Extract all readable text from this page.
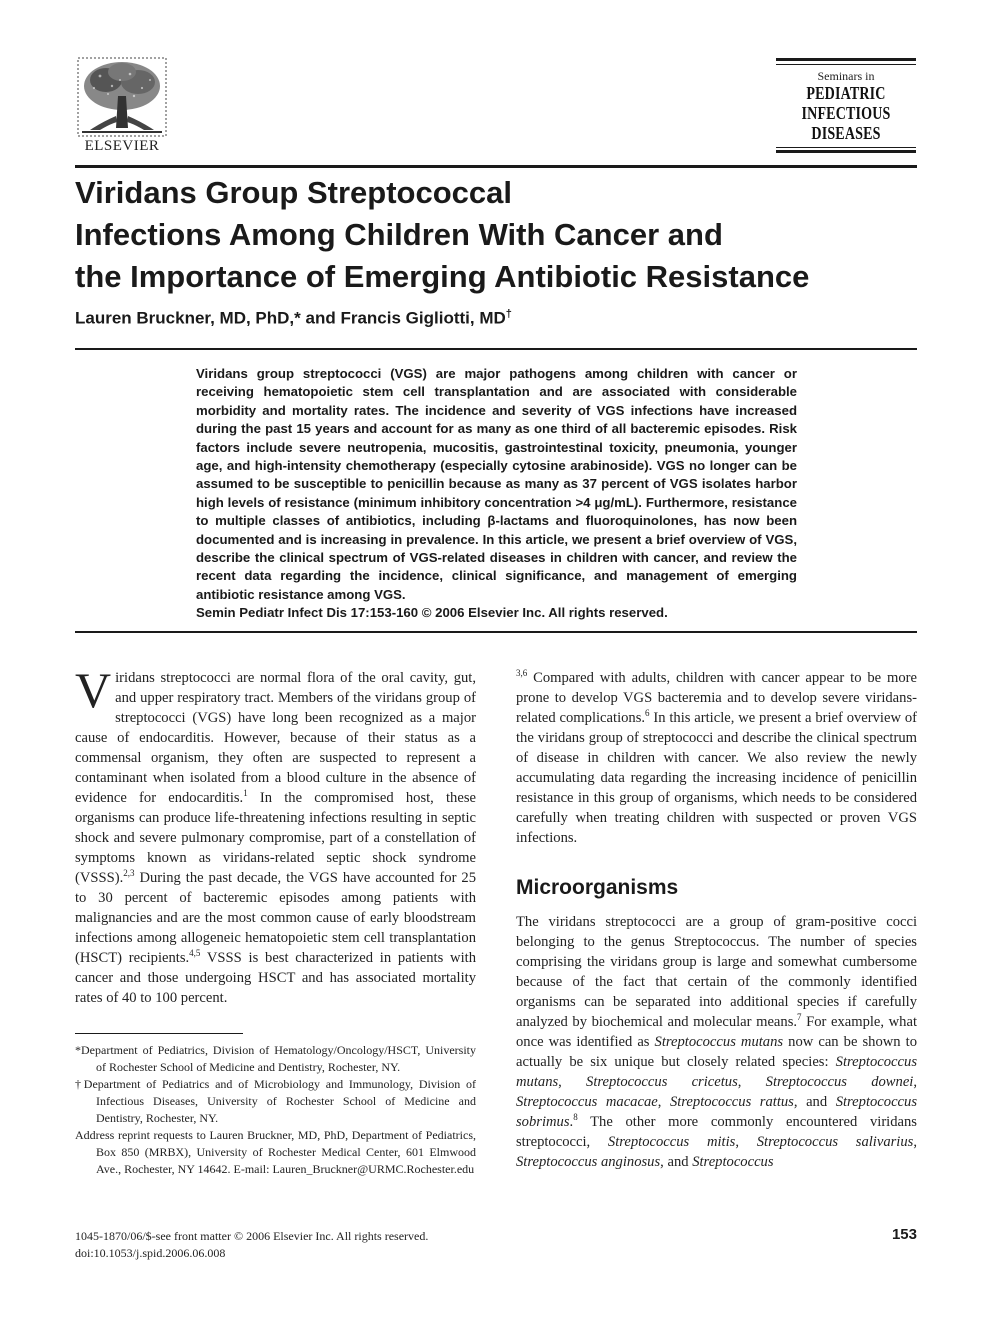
ELSEVIER
Seminars in
PEDIATRIC
INFECTIOUS
DISEASES
Viridans Group Streptococcal
Infections Among Children With Cancer and
the Importance of Emerging Antibiotic Resistance
Lauren Bruckner, MD, PhD,* and Francis Gigliotti, MD†

Viridans group streptococci (VGS) are major pathogens among children with cancer or receiving hematopoietic stem cell transplantation and are associated with considerable morbidity and mortality rates. The incidence and severity of VGS infections have increased during the past 15 years and account for as many as one third of all bacteremic episodes. Risk factors include severe neutropenia, mucositis, gastrointestinal toxicity, pneumonia, younger age, and high-intensity chemotherapy (especially cytosine arabinoside). VGS no longer can be assumed to be susceptible to penicillin because as many as 37 percent of VGS isolates harbor high levels of resistance (minimum inhibitory concentration >4 μg/mL). Furthermore, resistance to multiple classes of antibiotics, including β-lactams and fluoroquinolones, has now been documented and is increasing in prevalence. In this article, we present a brief overview of VGS, describe the clinical spectrum of VGS-related diseases in children with cancer, and review the recent data regarding the incidence, clinical significance, and management of emerging antibiotic resistance among VGS.

Semin Pediatr Infect Dis 17:153-160 © 2006 Elsevier Inc. All rights reserved.

Viridans streptococci are normal flora of the oral cavity, gut, and upper respiratory tract. Members of the viridans group of streptococci (VGS) have long been recognized as a major cause of endocarditis. However, because of their status as a commensal organism, they often are suspected to represent a contaminant when isolated from a blood culture in the absence of evidence for endocarditis.$^1$ In the compromised host, these organisms can produce life-threatening infections resulting in septic shock and severe pulmonary compromise, part of a constellation of symptoms known as viridans-related septic shock syndrome (VSSS).$^{2,3}$ During the past decade, the VGS have accounted for 25 to 30 percent of bacteremic episodes among patients with malignancies and are the most common cause of early bloodstream infections among allogeneic hematopoietic stem cell transplantation (HSCT) recipients.$^{4,5}$ VSSS is best characterized in patients with cancer and those undergoing HSCT and has associated mortality rates of 40 to 100 percent.

$^{3,6}$ Compared with adults, children with cancer appear to be more prone to develop VGS bacteremia and to develop severe viridans-related complications.$^6$ In this article, we present a brief overview of the viridans group of streptococci and describe the clinical spectrum of disease in children with cancer. We also review the newly accumulating data regarding the increasing incidence of penicillin resistance in this group of organisms, which needs to be considered carefully when treating children with suspected or proven VGS infections.

Microorganisms

The viridans streptococci are a group of gram-positive cocci belonging to the genus Streptococcus. The number of species comprising the viridans group is large and somewhat cumbersome because of the fact that certain of the commonly identified organisms can be separated into additional species if carefully analyzed by biochemical and molecular means.$^7$ For example, what once was identified as Streptococcus mutans now can be shown to actually be six unique but closely related species: Streptococcus mutans, Streptococcus cricetus, Streptococcus downei, Streptococcus macacae, Streptococcus rattus, and Streptococcus sobrimus.$^8$ The other more commonly encountered viridans streptococci, Streptococcus mitis, Streptococcus salivarius, Streptococcus anginosus, and Streptococcus

*Department of Pediatrics, Division of Hematology/Oncology/HSCT, University of Rochester School of Medicine and Dentistry, Rochester, NY.

†Department of Pediatrics and of Microbiology and Immunology, Division of Infectious Diseases, University of Rochester School of Medicine and Dentistry, Rochester, NY.

Address reprint requests to Lauren Bruckner, MD, PhD, Department of Pediatrics, Box 850 (MRBX), University of Rochester Medical Center, 601 Elmwood Ave., Rochester, NY 14642. E-mail: Lauren_Bruckner@URMC.Rochester.edu

1045-1870/06/$-see front matter © 2006 Elsevier Inc. All rights reserved.
doi:10.1053/j.spid.2006.06.008
153
